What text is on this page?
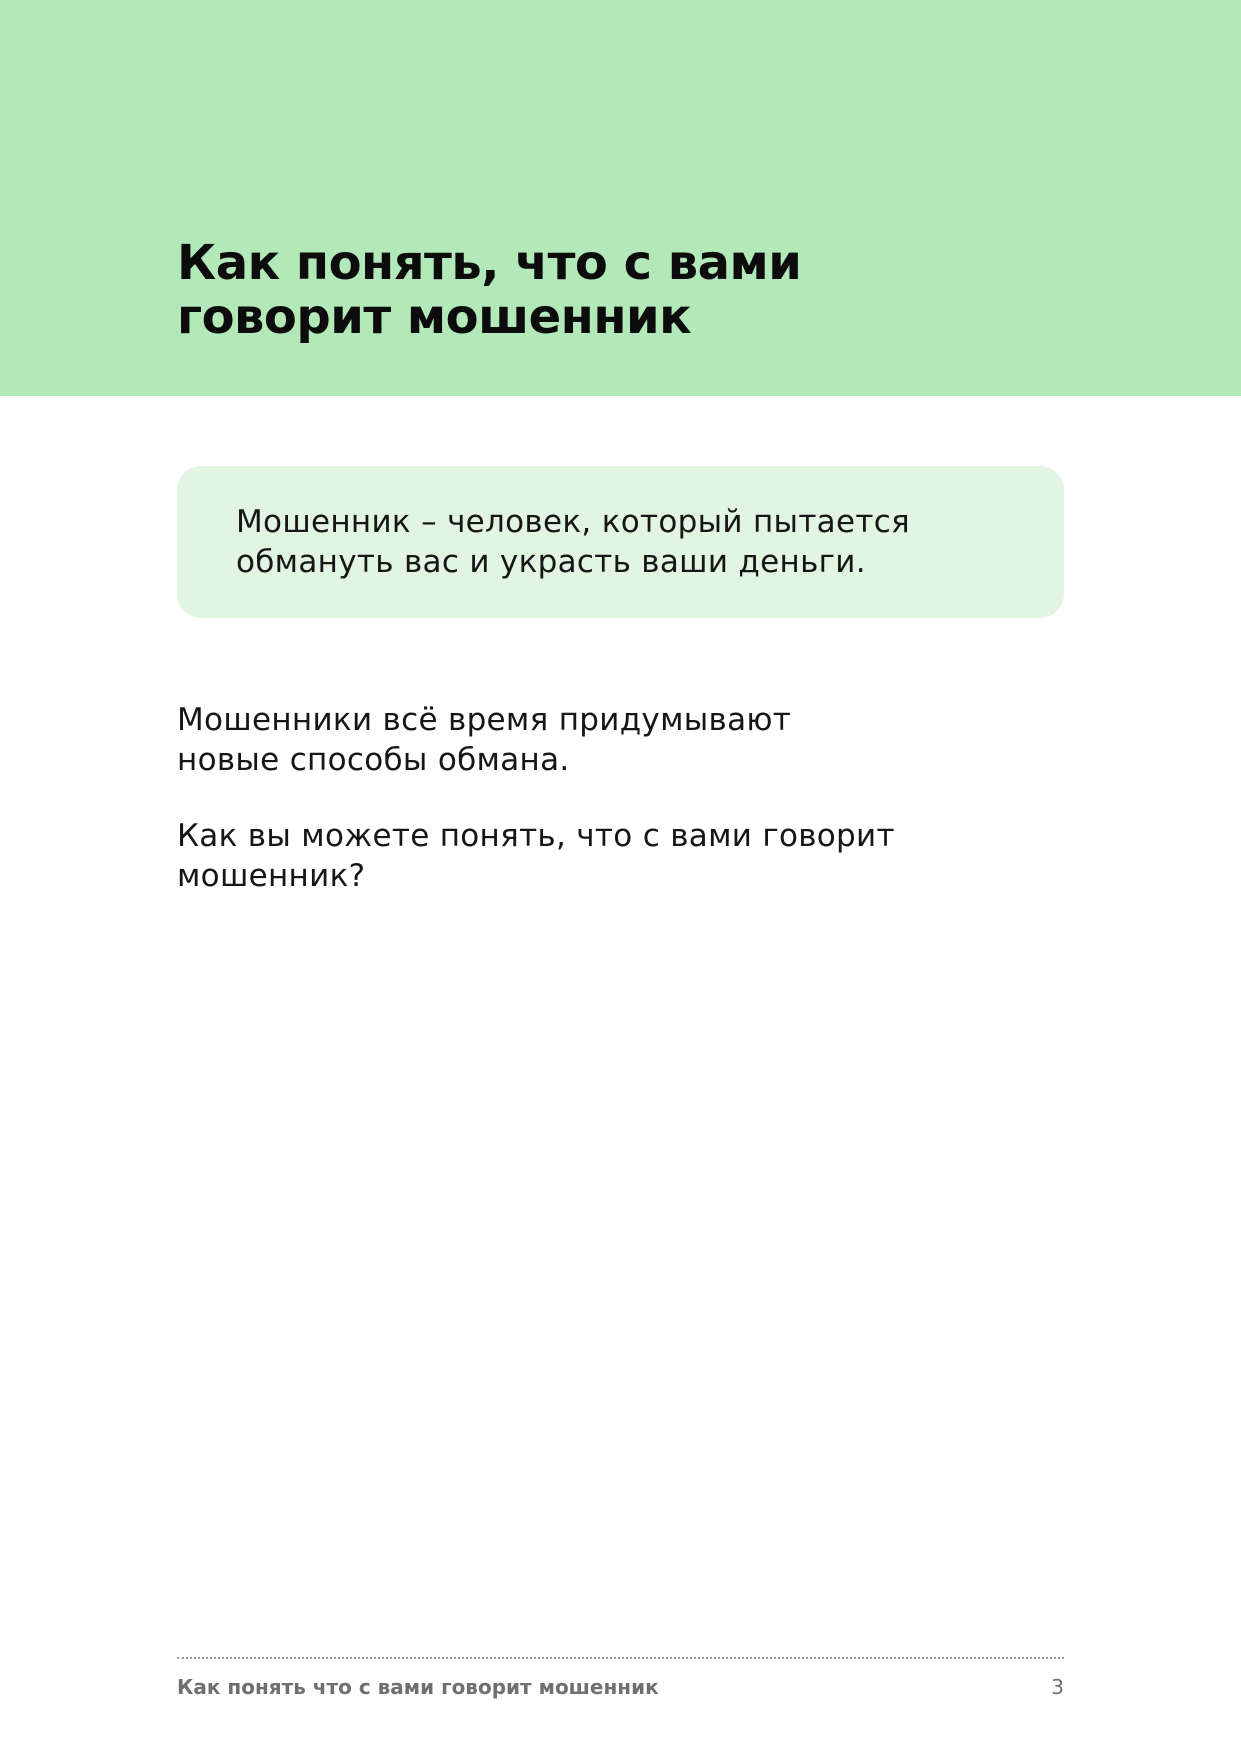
Как понять, что с вами
говорит мошенник

Мошенник – человек, который пытается
обмануть вас и украсть ваши деньги.

Мошенники всё время придумывают
новые способы обмана.

Как вы можете понять, что с вами говорит
мошенник?

Как понять что с вами говорит мошенник	3
